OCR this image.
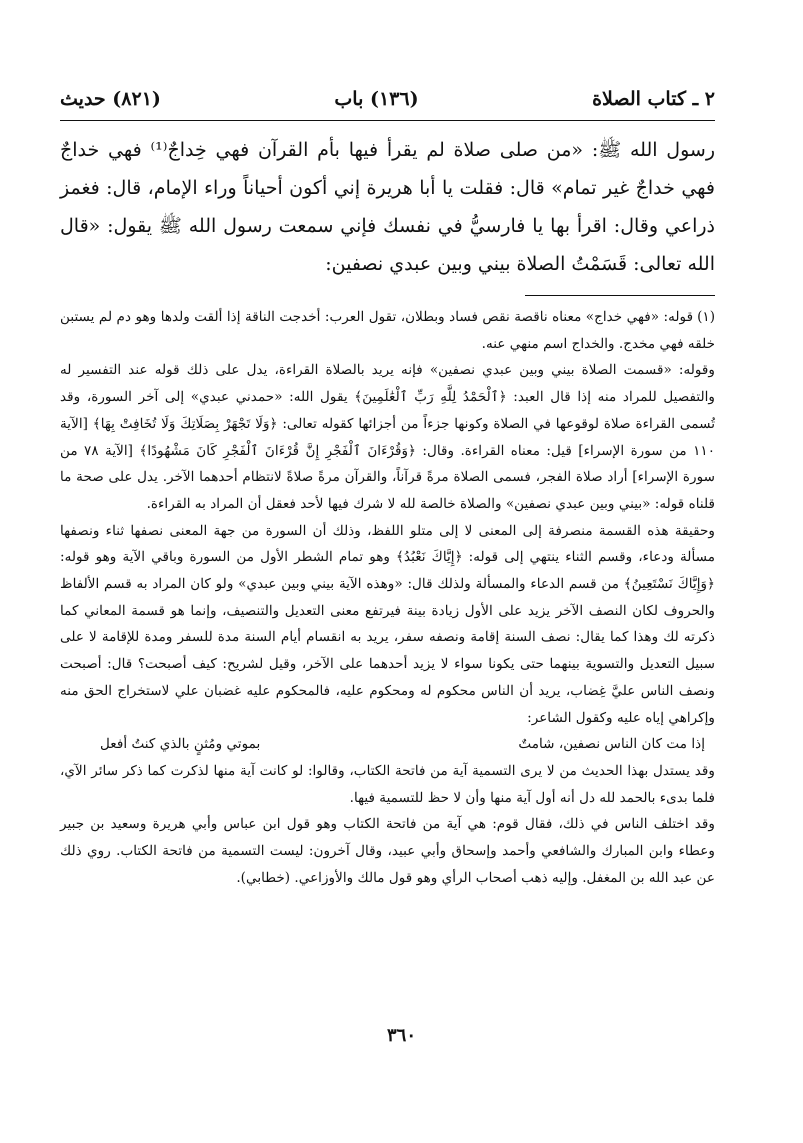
٢ ـ كتاب الصلاة
(١٣٦) باب
(٨٢١) حديث
رسول الله ﷺ: «من صلى صلاة لم يقرأ فيها بأم القرآن فهي خِداجٌ⁽¹⁾ فهي خداجٌ فهي خداجٌ غير تمام» قال: فقلت يا أبا هريرة إني أكون أحياناً وراء الإمام، قال: فغمز ذراعي وقال: اقرأ بها يا فارسيُّ في نفسك فإني سمعت رسول الله ﷺ يقول: «قال الله تعالى: قَسَمْتُ الصلاة بيني وبين عبدي نصفين:

(١)قوله: «فهي خداج» معناه ناقصة نقص فساد وبطلان، تقول العرب: أخدجت الناقة إذا ألقت ولدها وهو دم لم يستبن خلقه فهي مخدج. والخداج اسم منهي عنه.

وقوله: «قسمت الصلاة بيني وبين عبدي نصفين» فإنه يريد بالصلاة القراءة، يدل على ذلك قوله عند التفسير له والتفصيل للمراد منه إذا قال العبد: ﴿ٱلْحَمْدُ لِلَّهِ رَبِّ ٱلْعَٰلَمِينَ﴾ يقول الله: «حمدني عبدي» إلى آخر السورة، وقد تُسمى القراءة صلاة لوقوعها في الصلاة وكونها جزءاً من أجزائها كقوله تعالى: ﴿وَلَا تَجْهَرْ بِصَلَاتِكَ وَلَا تُخَافِتْ بِهَا﴾ [الآية ١١٠ من سورة الإسراء] قيل: معناه القراءة. وقال: ﴿وَقُرْءَانَ ٱلْفَجْرِ إِنَّ قُرْءَانَ ٱلْفَجْرِ كَانَ مَشْهُودًا﴾ [الآية ٧٨ من سورة الإسراء] أراد صلاة الفجر، فسمى الصلاة مرةً قرآناً، والقرآن مرةً صلاةً لانتظام أحدهما الآخر. يدل على صحة ما قلناه قوله: «بيني وبين عبدي نصفين» والصلاة خالصة لله لا شرك فيها لأحد فعقل أن المراد به القراءة.

وحقيقة هذه القسمة منصرفة إلى المعنى لا إلى متلو اللفظ، وذلك أن السورة من جهة المعنى نصفها ثناء ونصفها مسألة ودعاء، وقسم الثناء ينتهي إلى قوله: ﴿إِيَّاكَ نَعْبُدُ﴾ وهو تمام الشطر الأول من السورة وباقي الآية وهو قوله: ﴿وَإِيَّاكَ نَسْتَعِينُ﴾ من قسم الدعاء والمسألة ولذلك قال: «وهذه الآية بيني وبين عبدي» ولو كان المراد به قسم الألفاظ والحروف لكان النصف الآخر يزيد على الأول زيادة بينة فيرتفع معنى التعديل والتنصيف، وإنما هو قسمة المعاني كما ذكرته لك وهذا كما يقال: نصف السنة إقامة ونصفه سفر، يريد به انقسام أيام السنة مدة للسفر ومدة للإقامة لا على سبيل التعديل والتسوية بينهما حتى يكونا سواء لا يزيد أحدهما على الآخر، وقيل لشريح: كيف أصبحت؟ قال: أصبحت ونصف الناس عليَّ غِضاب، يريد أن الناس محكوم له ومحكوم عليه، فالمحكوم عليه غضبان علي لاستخراج الحق منه وإكراهي إياه عليه وكقول الشاعر:

إذا مت كان الناس نصفين، شامتٌ
بموتي ومُثنٍ بالذي كنتُ أفعل

وقد يستدل بهذا الحديث من لا يرى التسمية آية من فاتحة الكتاب، وقالوا: لو كانت آية منها لذكرت كما ذكر سائر الآي، فلما بدىء بالحمد لله دل أنه أول آية منها وأن لا حظ للتسمية فيها.

وقد اختلف الناس في ذلك، فقال قوم: هي آية من فاتحة الكتاب وهو قول ابن عباس وأبي هريرة وسعيد بن جبير وعطاء وابن المبارك والشافعي وأحمد وإسحاق وأبي عبيد، وقال آخرون: ليست التسمية من فاتحة الكتاب. روي ذلك عن عبد الله بن المغفل. وإليه ذهب أصحاب الرأي وهو قول مالك والأوزاعي. (خطابي).

٣٦٠
